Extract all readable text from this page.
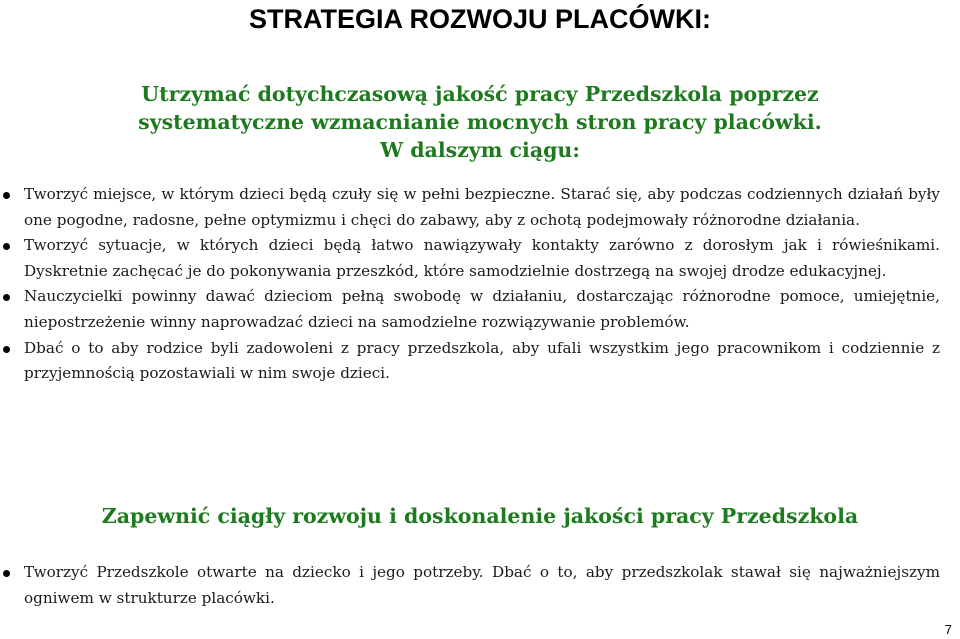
STRATEGIA ROZWOJU PLACÓWKI:
Utrzymać dotychczasową jakość pracy Przedszkola poprzez
systematyczne wzmacnianie mocnych stron pracy placówki.
W dalszym ciągu:
Tworzyć miejsce, w którym dzieci będą czuły się w pełni bezpieczne. Starać się, aby podczas codziennych działań były one pogodne, radosne, pełne optymizmu i chęci do zabawy, aby z ochotą podejmowały różnorodne działania.
Tworzyć sytuacje, w których dzieci będą łatwo nawiązywały kontakty zarówno z dorosłym jak i rówieśnikami. Dyskretnie zachęcać je do pokonywania przeszkód, które samodzielnie dostrzegą na swojej drodze edukacyjnej.
Nauczycielki powinny dawać dzieciom pełną swobodę w działaniu, dostarczając różnorodne pomoce, umiejętnie, niepostrzeżenie winny naprowadzać dzieci na samodzielne rozwiązywanie problemów.
Dbać o to aby rodzice byli zadowoleni z pracy przedszkola, aby ufali wszystkim jego pracownikom i codziennie z przyjemnością pozostawiali w nim swoje dzieci.
Zapewnić ciągły rozwoju i doskonalenie jakości pracy Przedszkola
Tworzyć Przedszkole otwarte na dziecko i jego potrzeby. Dbać o to, aby przedszkolak stawał się najważniejszym ogniwem w strukturze placówki.
7
